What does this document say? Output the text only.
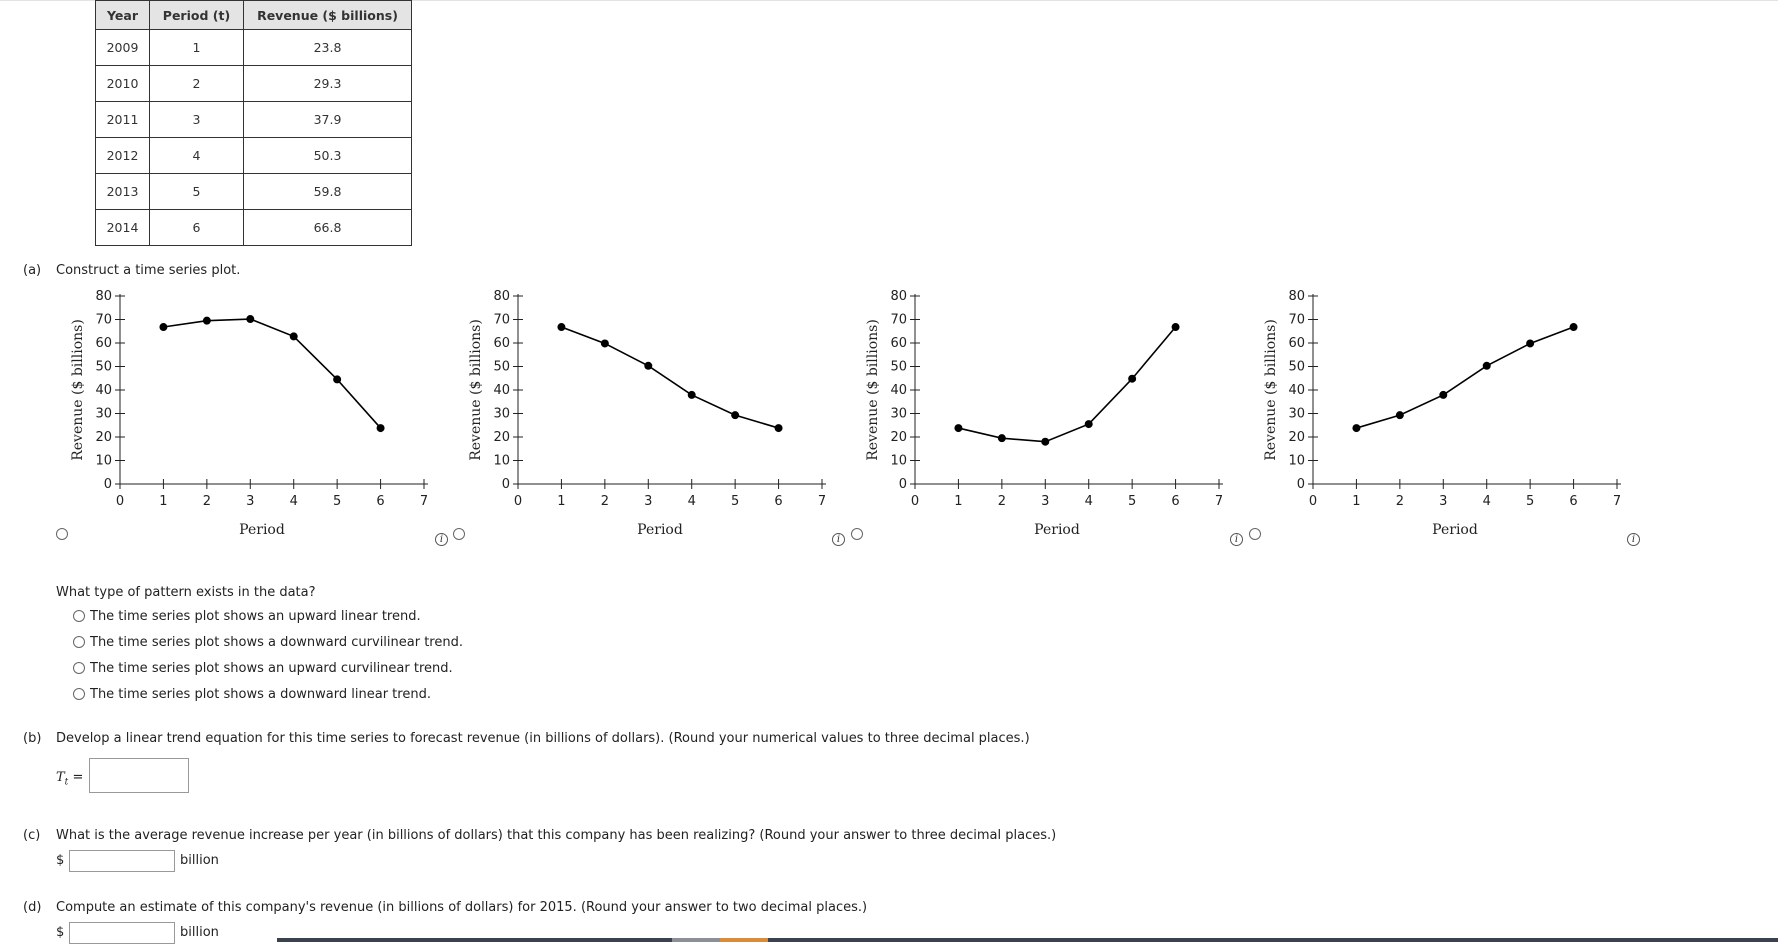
Year	Period (t)	Revenue ($ billions)
2009	1	23.8
2010	2	29.3
2011	3	37.9
2012	4	50.3
2013	5	59.8
2014	6	66.8
(a) Construct a time series plot.
0
10
20
30
40
50
60
70
80
0	1	2	3	4	5	6	7
Period
Revenue ($ billions)
0
10
20
30
40
50
60
70
80
0	1	2	3	4	5	6	7
Period
Revenue ($ billions)
0
10
20
30
40
50
60
70
80
0	1	2	3	4	5	6	7
Period
Revenue ($ billions)
0
10
20
30
40
50
60
70
80
0	1	2	3	4	5	6	7
Period
Revenue ($ billions)
i	i	i	i
What type of pattern exists in the data?
The time series plot shows an upward linear trend.
The time series plot shows a downward curvilinear trend.
The time series plot shows an upward curvilinear trend.
The time series plot shows a downward linear trend.
(b) Develop a linear trend equation for this time series to forecast revenue (in billions of dollars). (Round your numerical values to three decimal places.)
$T_t$ =
(c) What is the average revenue increase per year (in billions of dollars) that this company has been realizing? (Round your answer to three decimal places.)
$	billion
(d) Compute an estimate of this company's revenue (in billions of dollars) for 2015. (Round your answer to two decimal places.)
$	billion
